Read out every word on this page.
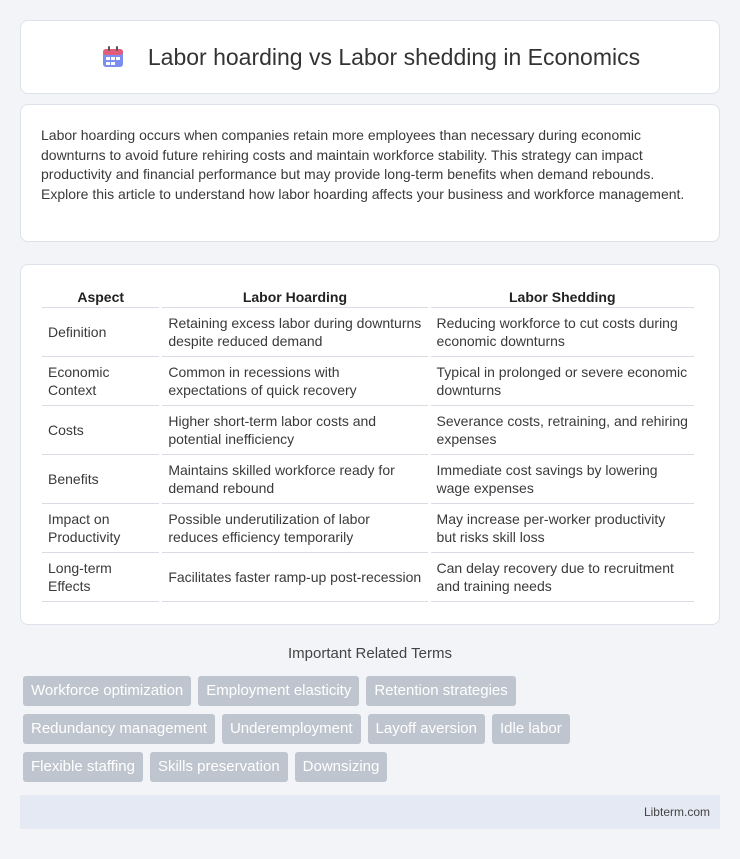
Labor hoarding vs Labor shedding in Economics

Labor hoarding occurs when companies retain more employees than necessary during economic downturns to avoid future rehiring costs and maintain workforce stability. This strategy can impact productivity and financial performance but may provide long-term benefits when demand rebounds. Explore this article to understand how labor hoarding affects your business and workforce management.

Aspect	Labor Hoarding	Labor Shedding
Definition	Retaining excess labor during downturns despite reduced demand	Reducing workforce to cut costs during economic downturns
Economic Context	Common in recessions with expectations of quick recovery	Typical in prolonged or severe economic downturns
Costs	Higher short-term labor costs and potential inefficiency	Severance costs, retraining, and rehiring expenses
Benefits	Maintains skilled workforce ready for demand rebound	Immediate cost savings by lowering wage expenses
Impact on Productivity	Possible underutilization of labor reduces efficiency temporarily	May increase per-worker productivity but risks skill loss
Long-term Effects	Facilitates faster ramp-up post-recession	Can delay recovery due to recruitment and training needs
Important Related Terms
Workforce optimization	Employment elasticity	Retention strategies
Redundancy management	Underemployment	Layoff aversion	Idle labor
Flexible staffing	Skills preservation	Downsizing
Libterm.com
